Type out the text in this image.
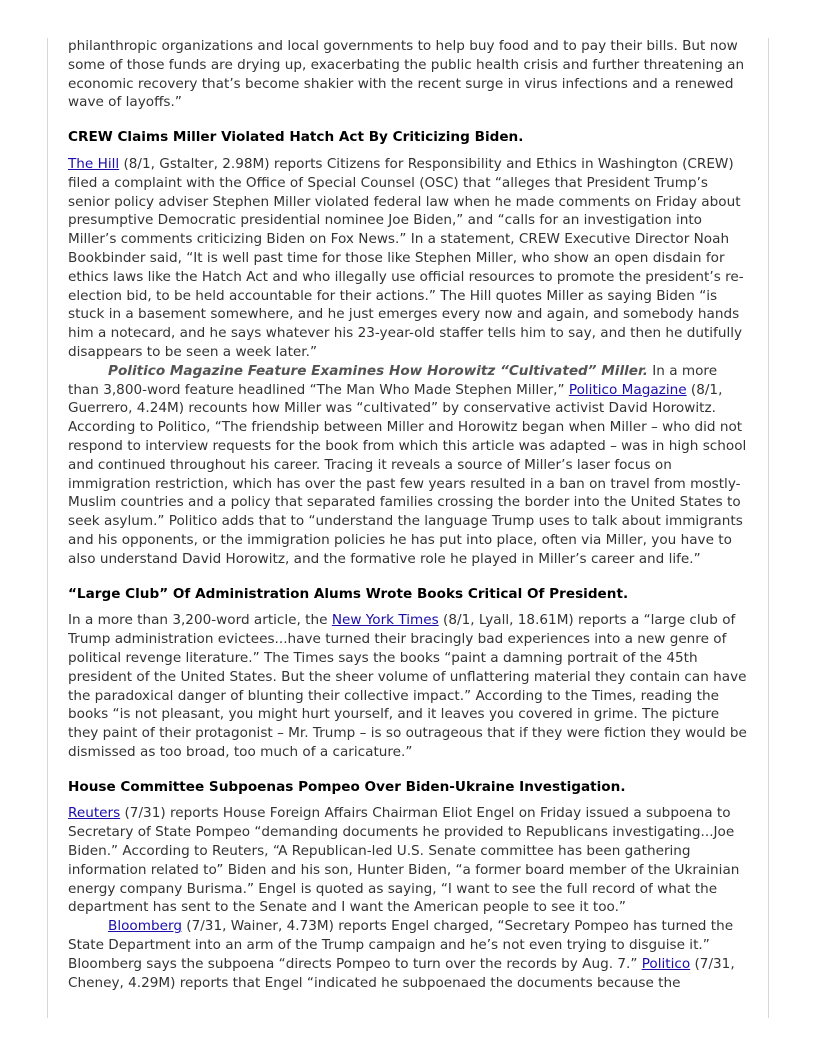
philanthropic organizations and local governments to help buy food and to pay their bills. But now some of those funds are drying up, exacerbating the public health crisis and further threatening an economic recovery that’s become shakier with the recent surge in virus infections and a renewed wave of layoffs.”

CREW Claims Miller Violated Hatch Act By Criticizing Biden.

The Hill (8/1, Gstalter, 2.98M) reports Citizens for Responsibility and Ethics in Washington (CREW) filed a complaint with the Office of Special Counsel (OSC) that “alleges that President Trump’s senior policy adviser Stephen Miller violated federal law when he made comments on Friday about presumptive Democratic presidential nominee Joe Biden,” and “calls for an investigation into Miller’s comments criticizing Biden on Fox News.” In a statement, CREW Executive Director Noah Bookbinder said, “It is well past time for those like Stephen Miller, who show an open disdain for ethics laws like the Hatch Act and who illegally use official resources to promote the president’s re-election bid, to be held accountable for their actions.” The Hill quotes Miller as saying Biden “is stuck in a basement somewhere, and he just emerges every now and again, and somebody hands him a notecard, and he says whatever his 23-year-old staffer tells him to say, and then he dutifully disappears to be seen a week later.”

Politico Magazine Feature Examines How Horowitz “Cultivated” Miller. In a more than 3,800-word feature headlined “The Man Who Made Stephen Miller,” Politico Magazine (8/1, Guerrero, 4.24M) recounts how Miller was “cultivated” by conservative activist David Horowitz. According to Politico, “The friendship between Miller and Horowitz began when Miller – who did not respond to interview requests for the book from which this article was adapted – was in high school and continued throughout his career. Tracing it reveals a source of Miller’s laser focus on immigration restriction, which has over the past few years resulted in a ban on travel from mostly-Muslim countries and a policy that separated families crossing the border into the United States to seek asylum.” Politico adds that to “understand the language Trump uses to talk about immigrants and his opponents, or the immigration policies he has put into place, often via Miller, you have to also understand David Horowitz, and the formative role he played in Miller’s career and life.”

“Large Club” Of Administration Alums Wrote Books Critical Of President.

In a more than 3,200-word article, the New York Times (8/1, Lyall, 18.61M) reports a “large club of Trump administration evictees...have turned their bracingly bad experiences into a new genre of political revenge literature.” The Times says the books “paint a damning portrait of the 45th president of the United States. But the sheer volume of unflattering material they contain can have the paradoxical danger of blunting their collective impact.” According to the Times, reading the books “is not pleasant, you might hurt yourself, and it leaves you covered in grime. The picture they paint of their protagonist – Mr. Trump – is so outrageous that if they were fiction they would be dismissed as too broad, too much of a caricature.”

House Committee Subpoenas Pompeo Over Biden-Ukraine Investigation.

Reuters (7/31) reports House Foreign Affairs Chairman Eliot Engel on Friday issued a subpoena to Secretary of State Pompeo “demanding documents he provided to Republicans investigating...Joe Biden.” According to Reuters, “A Republican-led U.S. Senate committee has been gathering information related to” Biden and his son, Hunter Biden, “a former board member of the Ukrainian energy company Burisma.” Engel is quoted as saying, “I want to see the full record of what the department has sent to the Senate and I want the American people to see it too.”

Bloomberg (7/31, Wainer, 4.73M) reports Engel charged, “Secretary Pompeo has turned the State Department into an arm of the Trump campaign and he’s not even trying to disguise it.” Bloomberg says the subpoena “directs Pompeo to turn over the records by Aug. 7.” Politico (7/31, Cheney, 4.29M) reports that Engel “indicated he subpoenaed the documents because the
